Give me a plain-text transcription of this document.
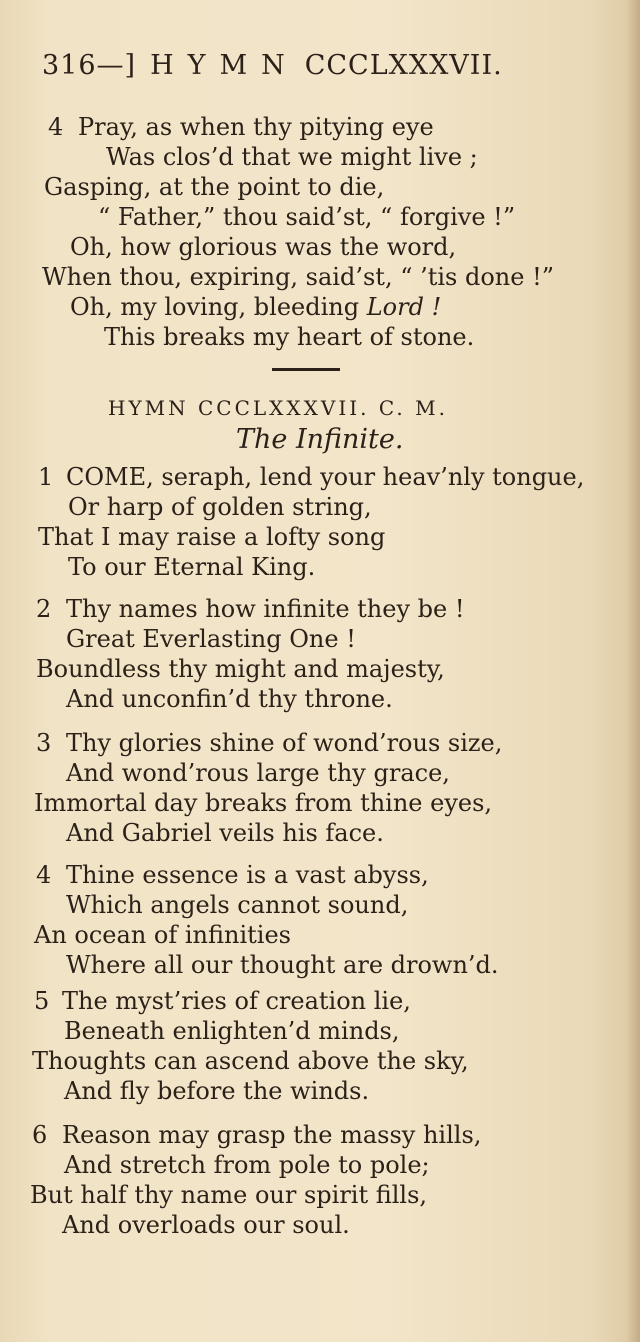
316—] HYMN CCCLXXXVII.
4 Pray, as when thy pitying eye
Was clos’d that we might live ;
Gasping, at the point to die,
“ Father,” thou said’st, “ forgive !”
Oh, how glorious was the word,
When thou, expiring, said’st, “ ’tis done !”
Oh, my loving, bleeding Lord !
This breaks my heart of stone.
HYMN CCCLXXXVII. C. M.
The Infinite.
1 COME, seraph, lend your heav’nly tongue,
Or harp of golden string,
That I may raise a lofty song
To our Eternal King.
2 Thy names how infinite they be !
Great Everlasting One !
Boundless thy might and majesty,
And unconfin’d thy throne.
3 Thy glories shine of wond’rous size,
And wond’rous large thy grace,
Immortal day breaks from thine eyes,
And Gabriel veils his face.
4 Thine essence is a vast abyss,
Which angels cannot sound,
An ocean of infinities
Where all our thought are drown’d.
5 The myst’ries of creation lie,
Beneath enlighten’d minds,
Thoughts can ascend above the sky,
And fly before the winds.
6 Reason may grasp the massy hills,
And stretch from pole to pole;
But half thy name our spirit fills,
And overloads our soul.
